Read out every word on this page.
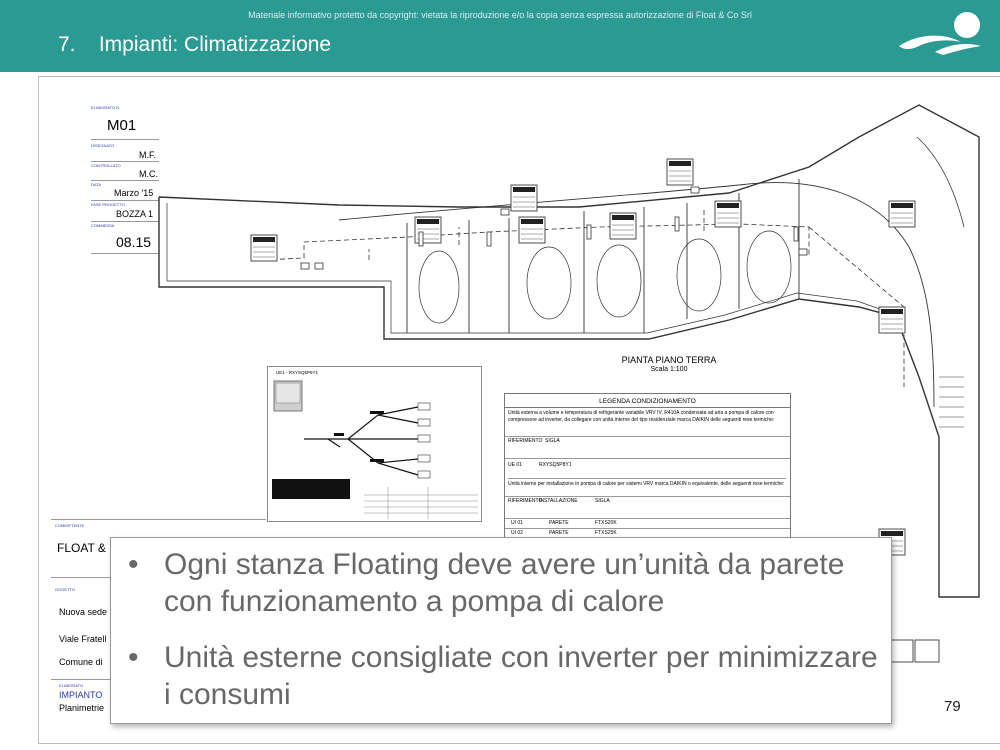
Materiale informativo protetto da copyright: vietata la riproduzione e/o la copia senza espressa autorizzazione di Float & Co Srl
7.    Impianti: Climatizzazione
ELABORATO N.
M01
DISEGNATO
M.F.
CONTROLLATO
M.C.
DATA
Marzo '15
FASE PROGETTO
BOZZA 1
COMMESSA
08.15
COMMITTENTE
FLOAT &
OGGETTO
Nuova sede
Viale Fratell
Comune di
ELABORATO
IMPIANTO
Planimetrie
PIANTA PIANO TERRA
Scala 1:100
UE1 - RXYSQ5P8Y1
LEGENDA CONDIZIONAMENTO
Unità esterna a volume e temperatura di refrigerante variabile VRV IV, R410A condensata ad aria a pompa di calore con compressore ad inverter, da collegare con unità interne del tipo residenziale marca DAIKIN delle seguenti rese termiche:
RIFERIMENTO SIGLA
UE 01	RXYSQ5P8Y1
Unità interne per installazione in pompa di calore per sistemi VRV marca DAIKIN o equivalente, delle seguenti rese termiche:
RIFERIMENTO
INSTALLAZIONE	SIGLA
UI 01	PARETE	FTXS20K
UI 02	PARETE	FTXS25K
• Ogni stanza Floating deve avere un’unità da parete con funzionamento a pompa di calore
• Unità esterne consigliate con inverter per minimizzare i consumi	79
